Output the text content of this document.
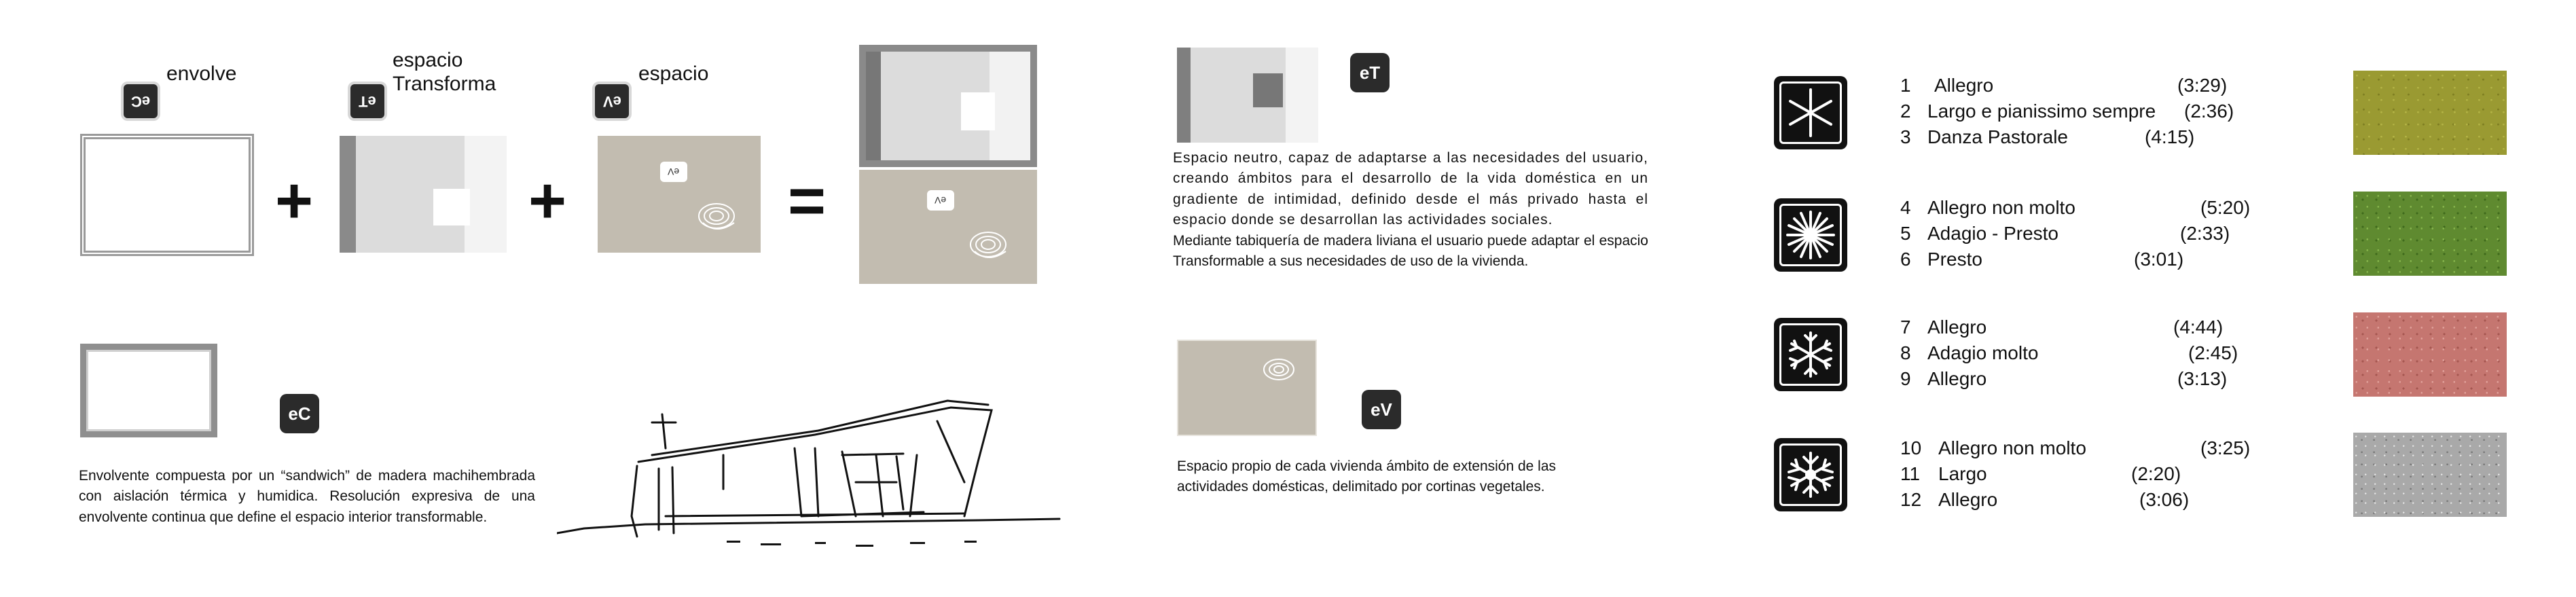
eC
envolve
+
eT
espacio
Transforma
+
eV
espacio
eV =	eV
eC
Envolvente compuesta por un “sandwich” de madera machihembrada con aislación térmica y humidica. Resolución expresiva de una envolvente continua que define el espacio interior transformable.
eT

Espacio neutro, capaz de adaptarse a las necesidades del usuario, creando ámbitos para el desarrollo de la vida doméstica en un gradiente de intimidad, definido desde el más privado hasta el espacio donde se desarrollan las actividades sociales.

Mediante tabiquería de madera liviana el usuario puede adaptar el espacio Transformable a sus necesidades de uso de la vivienda.

eV
Espacio propio de cada vivienda ámbito de extensión de las actividades domésticas, delimitado por cortinas vegetales.
1 Allegro	(3:29)
2 Largo e pianissimo sempre (2:36)
3 Danza Pastorale	(4:15)
4 Allegro non molto	(5:20)
5 Adagio - Presto	(2:33)
6 Presto	(3:01)
7 Allegro	(4:44)
8 Adagio molto	(2:45)
9 Allegro	(3:13)
10 Allegro non molto	(3:25)
11 Largo	(2:20)
12 Allegro	(3:06)
